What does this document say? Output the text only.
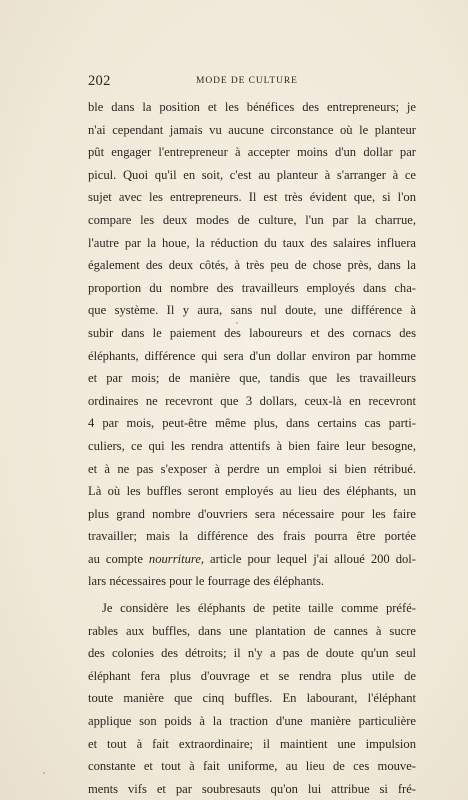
202	MODE DE CULTURE
ble dans la position et les bénéfices des entrepreneurs; je
n'ai cependant jamais vu aucune circonstance où le planteur
pût engager l'entrepreneur à accepter moins d'un dollar par
picul. Quoi qu'il en soit, c'est au planteur à s'arranger à ce
sujet avec les entrepreneurs. Il est très évident que, si l'on
compare les deux modes de culture, l'un par la charrue,
l'autre par la houe, la réduction du taux des salaires influera
également des deux côtés, à très peu de chose près, dans la
proportion du nombre des travailleurs employés dans cha-
que système. Il y aura, sans nul doute, une différence à
subir dans le paiement des laboureurs et des cornacs des
éléphants, différence qui sera d'un dollar environ par homme
et par mois; de manière que, tandis que les travailleurs
ordinaires ne recevront que 3 dollars, ceux-là en recevront
4 par mois, peut-être même plus, dans certains cas parti-
culiers, ce qui les rendra attentifs à bien faire leur besogne,
et à ne pas s'exposer à perdre un emploi si bien rétribué.
Là où les buffles seront employés au lieu des éléphants, un
plus grand nombre d'ouvriers sera nécessaire pour les faire
travailler; mais la différence des frais pourra être portée
au compte nourriture, article pour lequel j'ai alloué 200 dol-
lars nécessaires pour le fourrage des éléphants.
Je considère les éléphants de petite taille comme préfé-
rables aux buffles, dans une plantation de cannes à sucre
des colonies des détroits; il n'y a pas de doute qu'un seul
éléphant fera plus d'ouvrage et se rendra plus utile de
toute manière que cinq buffles. En labourant, l'éléphant
applique son poids à la traction d'une manière particulière
et tout à fait extraordinaire; il maintient une impulsion
constante et tout à fait uniforme, au lieu de ces mouve-
ments vifs et par soubresauts qu'on lui attribue si fré-
